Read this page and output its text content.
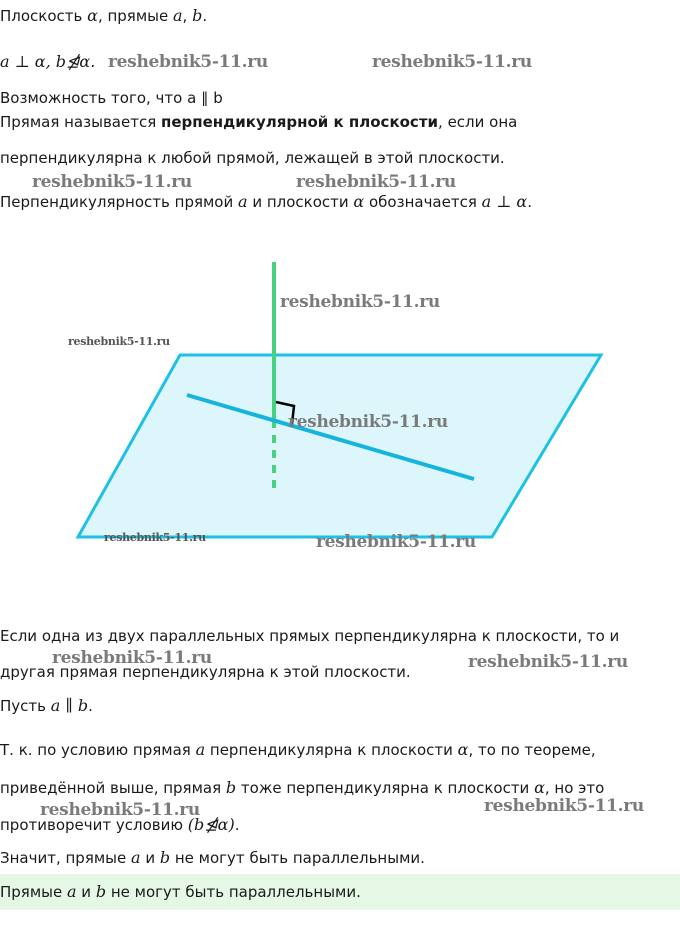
Плоскость α, прямые a, b.
a ⊥ α, b⋬α.
Возможность того, что a ∥ b
Прямая называется перпендикулярной к плоскости, если она
перпендикулярна к любой прямой, лежащей в этой плоскости.
Перпендикулярность прямой a и плоскости α обозначается a ⊥ α.
Если одна из двух параллельных прямых перпендикулярна к плоскости, то и
другая прямая перпендикулярна к этой плоскости.
Пусть a ∥ b.
Т. к. по условию прямая a перпендикулярна к плоскости α, то по теореме,
приведённой выше, прямая b тоже перпендикулярна к плоскости α, но это
противоречит условию (b⋬α).
Значит, прямые a и b не могут быть параллельными.
Прямые a и b не могут быть параллельными.
reshebnik5-11.ru	reshebnik5-11.ru
reshebnik5-11.ru	reshebnik5-11.ru
reshebnik5-11.ru
reshebnik5-11.ru
reshebnik5-11.ru
reshebnik5-11.ru	reshebnik5-11.ru
reshebnik5-11.ru	reshebnik5-11.ru
reshebnik5-11.ru	reshebnik5-11.ru
